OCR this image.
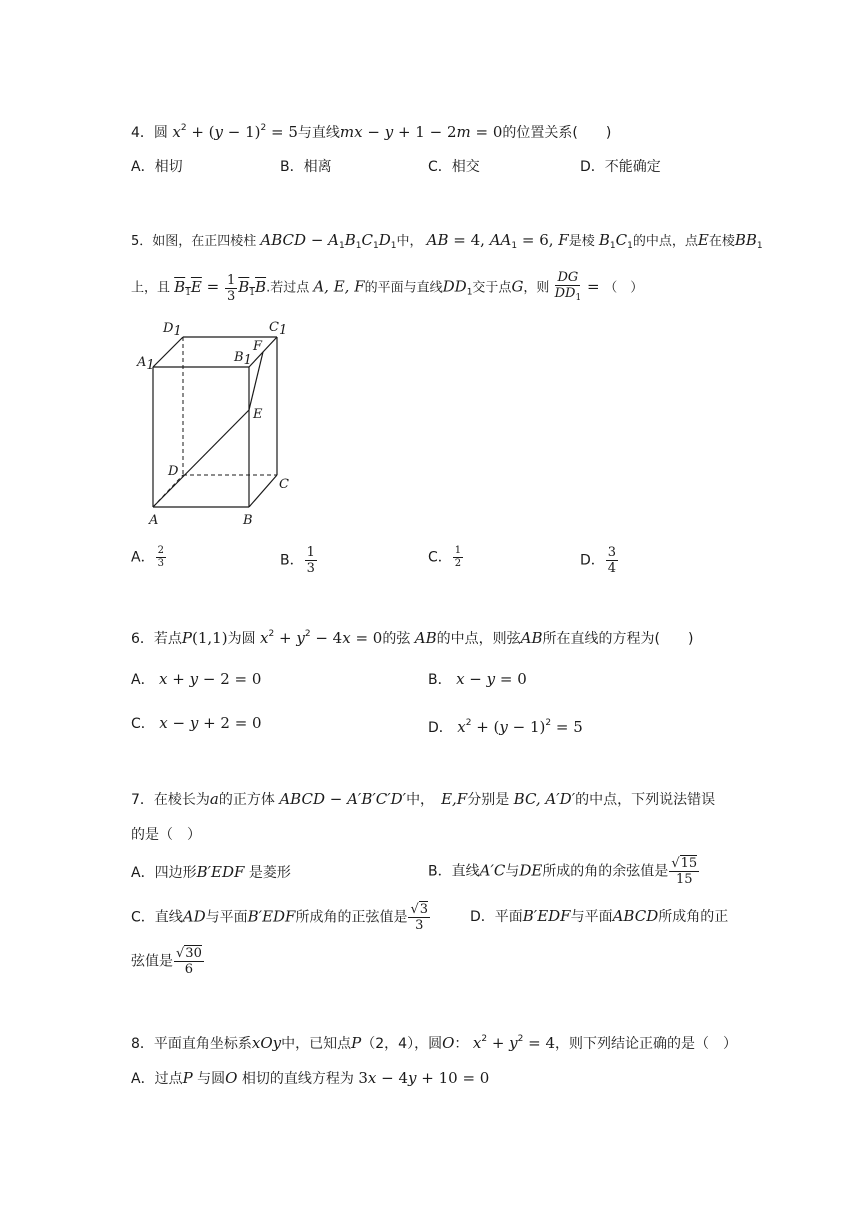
4．圆 $x^2 + (y - 1)^2 = 5$与直线mx − y + 1 − 2m = 0的位置关系(　　 )
A．相切	B．相离	C．相交	D．不能确定
5．如图，在正四棱柱 ABCD − $A_1B_1C_1D_1$中， AB = 4, $AA_1 = 6$, F是棱 $B_1C_1$的中点，点E在棱$BB_1$
上，且 $B_1E = \frac{1}{3} B_1B$.若过点 A, E, F的平面与直线$DD_1$交于点G，则 $\frac{DG}{DD_1}$ = （　）
D1	C1
A1
B1
F
E
D
C
A	B
A． $\frac{2}{3}$	B． $\frac{1}{3}$	C． $\frac{1}{2}$	D． $\frac{3}{4}$
6．若点P(1,1)为圆 $x^2 + y^2 - 4x = 0$的弦 AB的中点，则弦AB所在直线的方程为(　　)
A． x + y − 2 = 0	B． x − y = 0
C． x − y + 2 = 0	D． $x^2 + (y - 1)^2 = 5$
7．在棱长为a的正方体 ABCD − A′B′C′D′中，　 E,F分别是 BC, A′D′的中点，下列说法错误
的是（　）
A．四边形B′EDF 是菱形	B．直线A′C与DE所成的角的余弦值是 $\frac{√15}{15}$
C．直线AD与平面B′EDF所成角的正弦值是 $\frac{√3}{3}$	D．平面B′EDF与平面ABCD所成角的正
弦值是 $\frac{√30}{6}$
8．平面直角坐标系xOy中，已知点P（2，4），圆O： $x^2 + y^2 = 4$，则下列结论正确的是（　）
A．过点P 与圆O 相切的直线方程为 3x − 4y + 10 = 0
